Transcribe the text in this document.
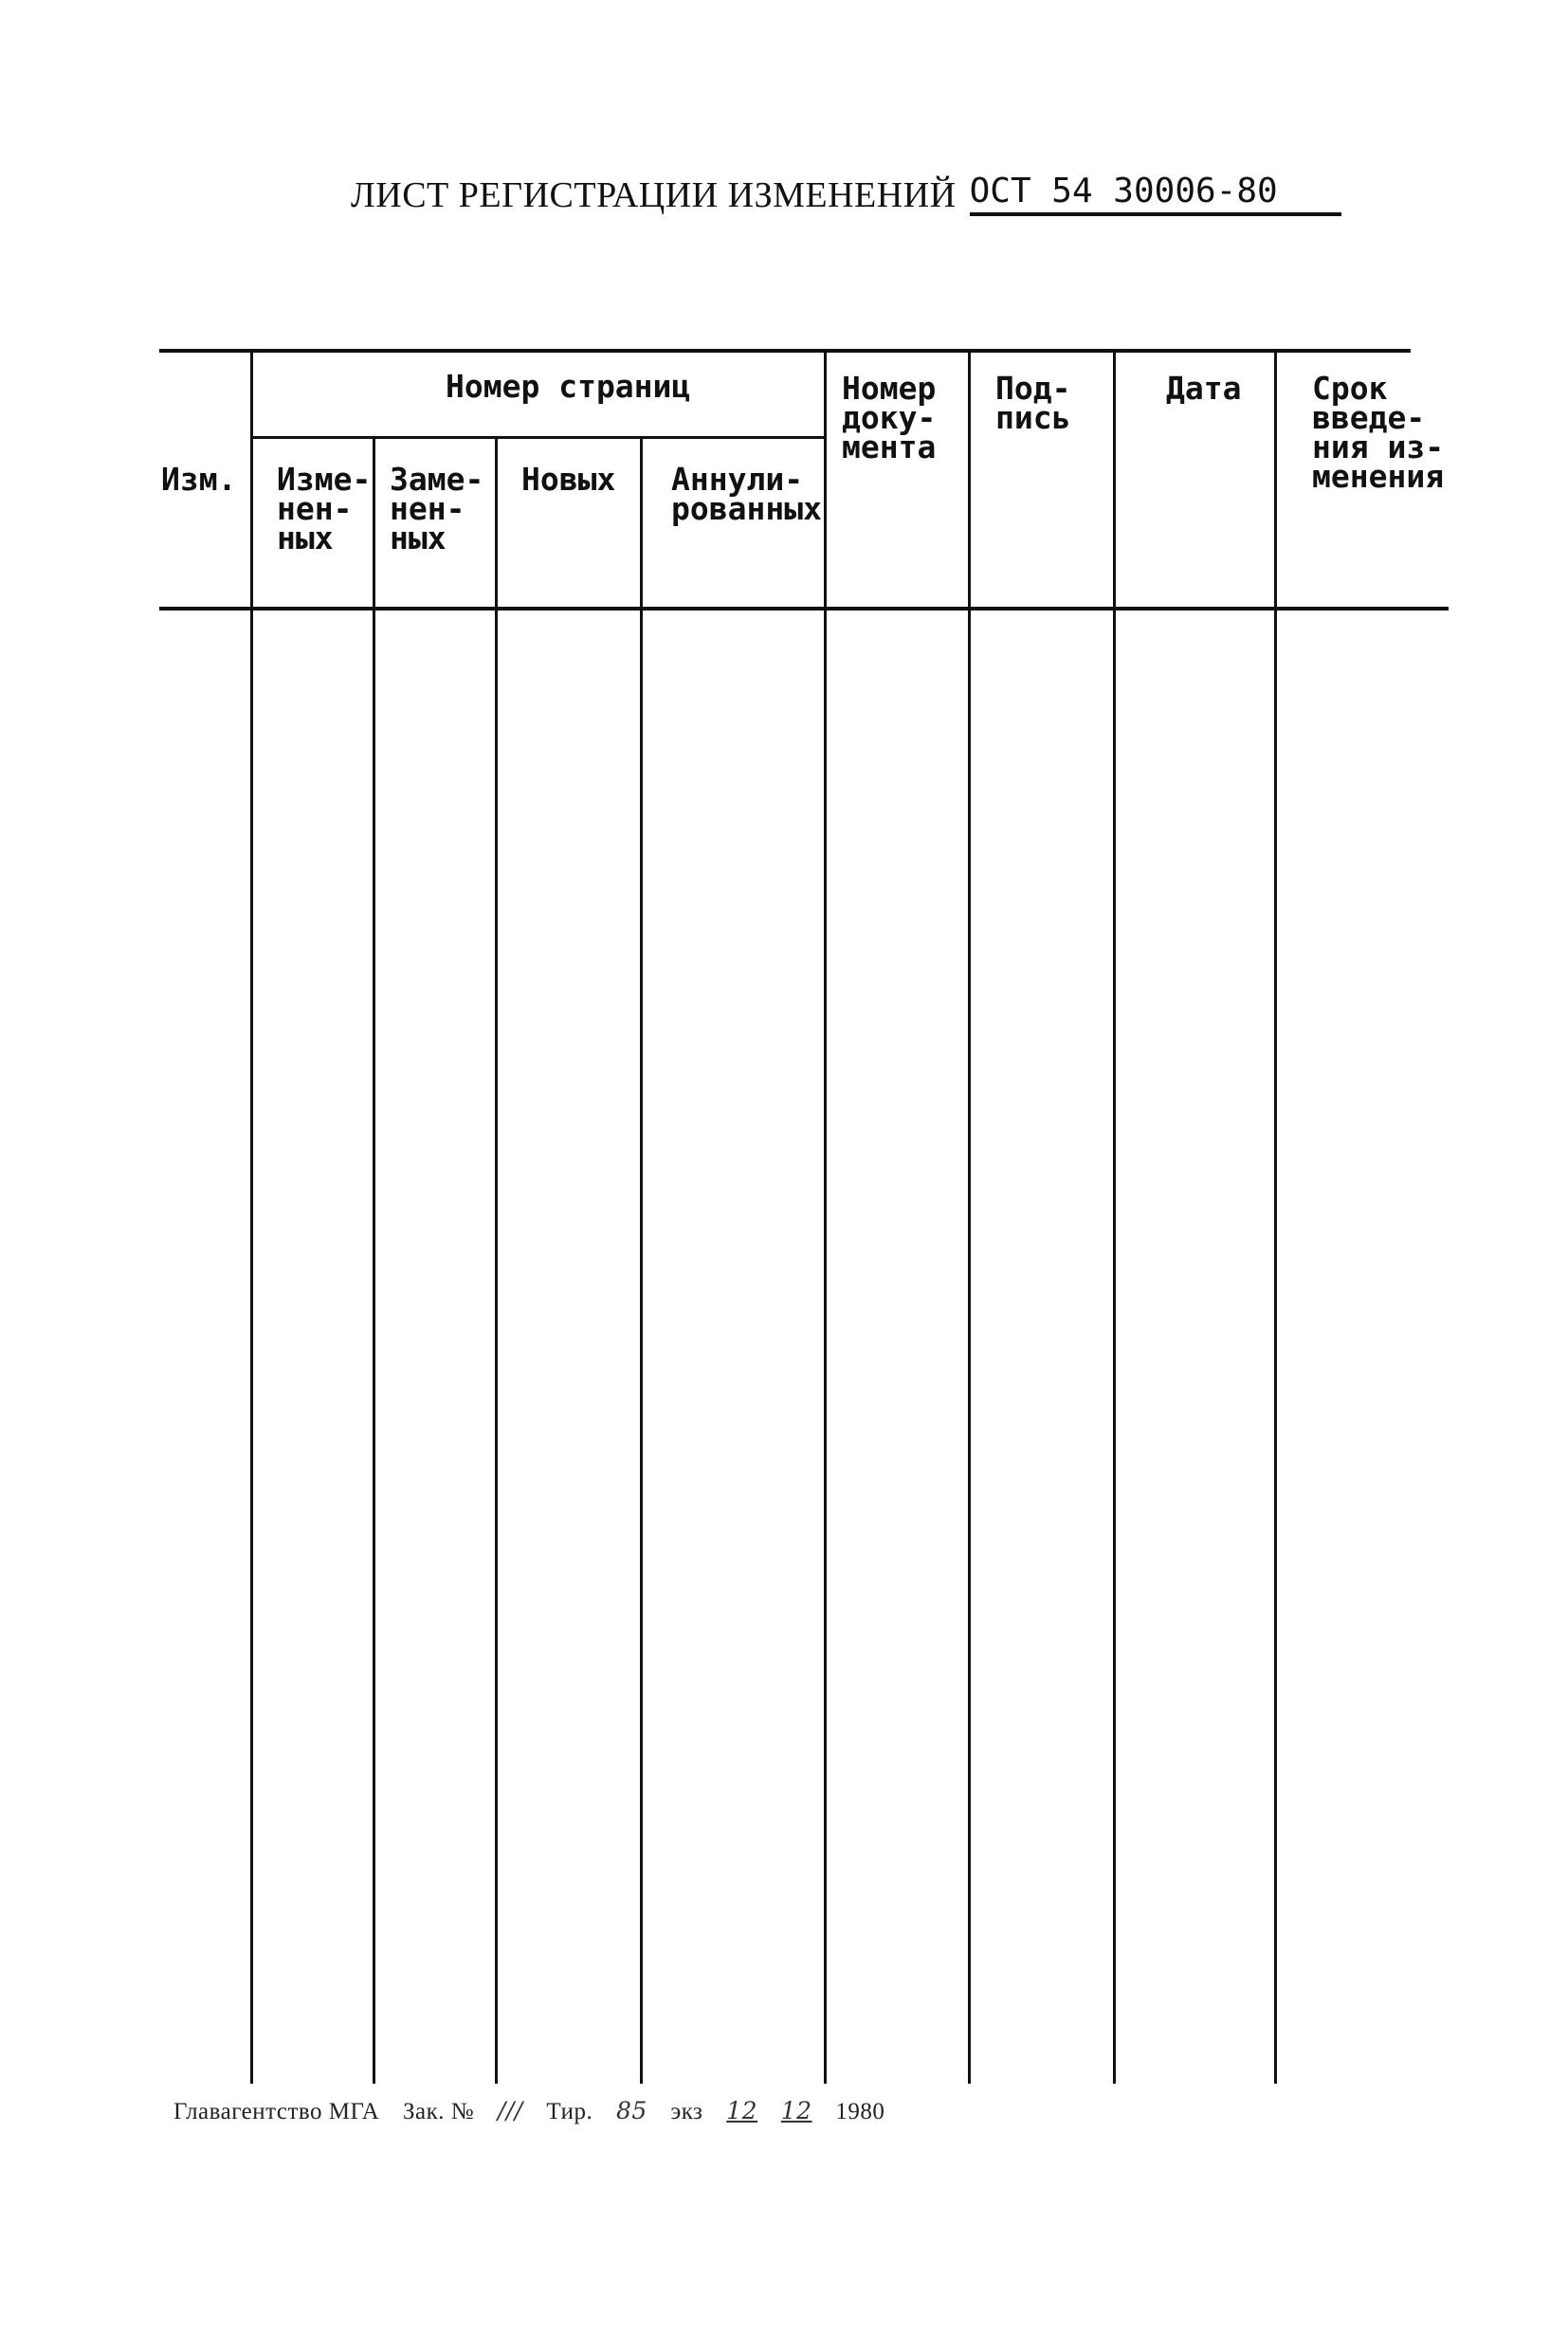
ЛИСТ РЕГИСТРАЦИИ ИЗМЕНЕНИЙ ОСТ 54 30006-80
Изм.
Номер страниц
Изме-
нен-
ных
Заме-
нен-
ных
Новых Аннули-
рованных
Номер
доку-
мента
Под-
пись
Дата Срок
введе-
ния из-
менения
Главагентство МГА Зак. № /// Тир. 85 экз 12 12 1980
